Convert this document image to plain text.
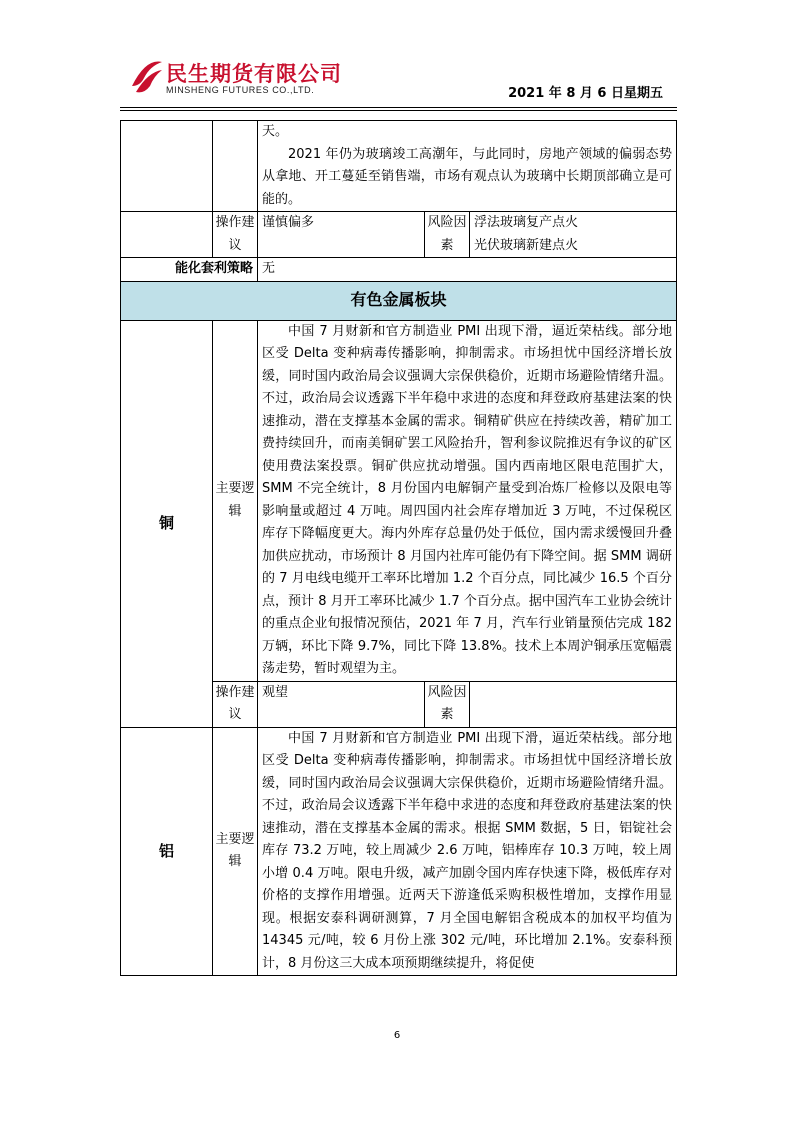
民生期货有限公司
MINSHENG FUTURES CO.,LTD.	2021 年 8 月 6 日星期五

		天。
2021 年仍为玻璃竣工高潮年，与此同时，房地产领域的偏弱态势从拿地、开工蔓延至销售端，市场有观点认为玻璃中长期顶部确立是可能的。		

	操作建议	谨慎偏多	风险因素	浮法玻璃复产点火
光伏玻璃新建点火

能化套利策略		无		
有色金属板块				
铜	主要逻辑	中国 7 月财新和官方制造业 PMI 出现下滑，逼近荣枯线。部分地区受 Delta 变种病毒传播影响，抑制需求。市场担忧中国经济增长放缓，同时国内政治局会议强调大宗保供稳价，近期市场避险情绪升温。不过，政治局会议透露下半年稳中求进的态度和拜登政府基建法案的快速推动，潜在支撑基本金属的需求。铜精矿供应在持续改善，精矿加工费持续回升，而南美铜矿罢工风险抬升，智利参议院推迟有争议的矿区使用费法案投票。铜矿供应扰动增强。国内西南地区限电范围扩大，SMM 不完全统计，8 月份国内电解铜产量受到冶炼厂检修以及限电等影响量或超过 4 万吨。周四国内社会库存增加近 3 万吨，不过保税区库存下降幅度更大。海内外库存总量仍处于低位，国内需求缓慢回升叠加供应扰动，市场预计 8 月国内社库可能仍有下降空间。据 SMM 调研的 7 月电线电缆开工率环比增加 1.2 个百分点，同比减少 16.5 个百分点，预计 8 月开工率环比减少 1.7 个百分点。据中国汽车工业协会统计的重点企业旬报情况预估，2021 年 7 月，汽车行业销量预估完成 182 万辆，环比下降 9.7%，同比下降 13.8%。技术上本周沪铜承压宽幅震荡走势，暂时观望为主。		
	操作建议	观望	风险因素	
铝	主要逻辑	中国 7 月财新和官方制造业 PMI 出现下滑，逼近荣枯线。部分地区受 Delta 变种病毒传播影响，抑制需求。市场担忧中国经济增长放缓，同时国内政治局会议强调大宗保供稳价，近期市场避险情绪升温。不过，政治局会议透露下半年稳中求进的态度和拜登政府基建法案的快速推动，潜在支撑基本金属的需求。根据 SMM 数据，5 日，铝锭社会库存 73.2 万吨，较上周减少 2.6 万吨，铝棒库存 10.3 万吨，较上周小增 0.4 万吨。限电升级，减产加剧令国内库存快速下降，极低库存对价格的支撑作用增强。近两天下游逢低采购积极性增加，支撑作用显现。根据安泰科调研测算，7 月全国电解铝含税成本的加权平均值为 14345 元/吨，较 6 月份上涨 302 元/吨，环比增加 2.1%。安泰科预计，8 月份这三大成本项预期继续提升，将促使		
6
